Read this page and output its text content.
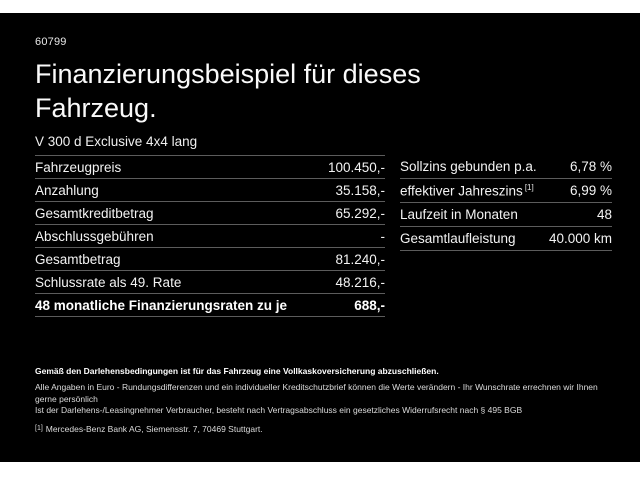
60799
Finanzierungsbeispiel für dieses Fahrzeug.
V 300 d Exclusive 4x4 lang
Fahrzeugpreis	100.450,-
Anzahlung	35.158,-
Gesamtkreditbetrag	65.292,-
Abschlussgebühren	-
Gesamtbetrag	81.240,-
Schlussrate als 49. Rate	48.216,-
48 monatliche Finanzierungsraten zu je	688,-
Sollzins gebunden p.a. 6,78 %
effektiver Jahreszins [1]	6,99 %
Laufzeit in Monaten	48
Gesamtlaufleistung 40.000 km
Gemäß den Darlehensbedingungen ist für das Fahrzeug eine Vollkaskoversicherung abzuschließen.
Alle Angaben in Euro - Rundungsdifferenzen und ein individueller Kreditschutzbrief können die Werte verändern - Ihr Wunschrate errechnen wir Ihnen gerne persönlich
Ist der Darlehens-/Leasingnehmer Verbraucher, besteht nach Vertragsabschluss ein gesetzliches Widerrufsrecht nach § 495 BGB
[1] Mercedes-Benz Bank AG, Siemensstr. 7, 70469 Stuttgart.
